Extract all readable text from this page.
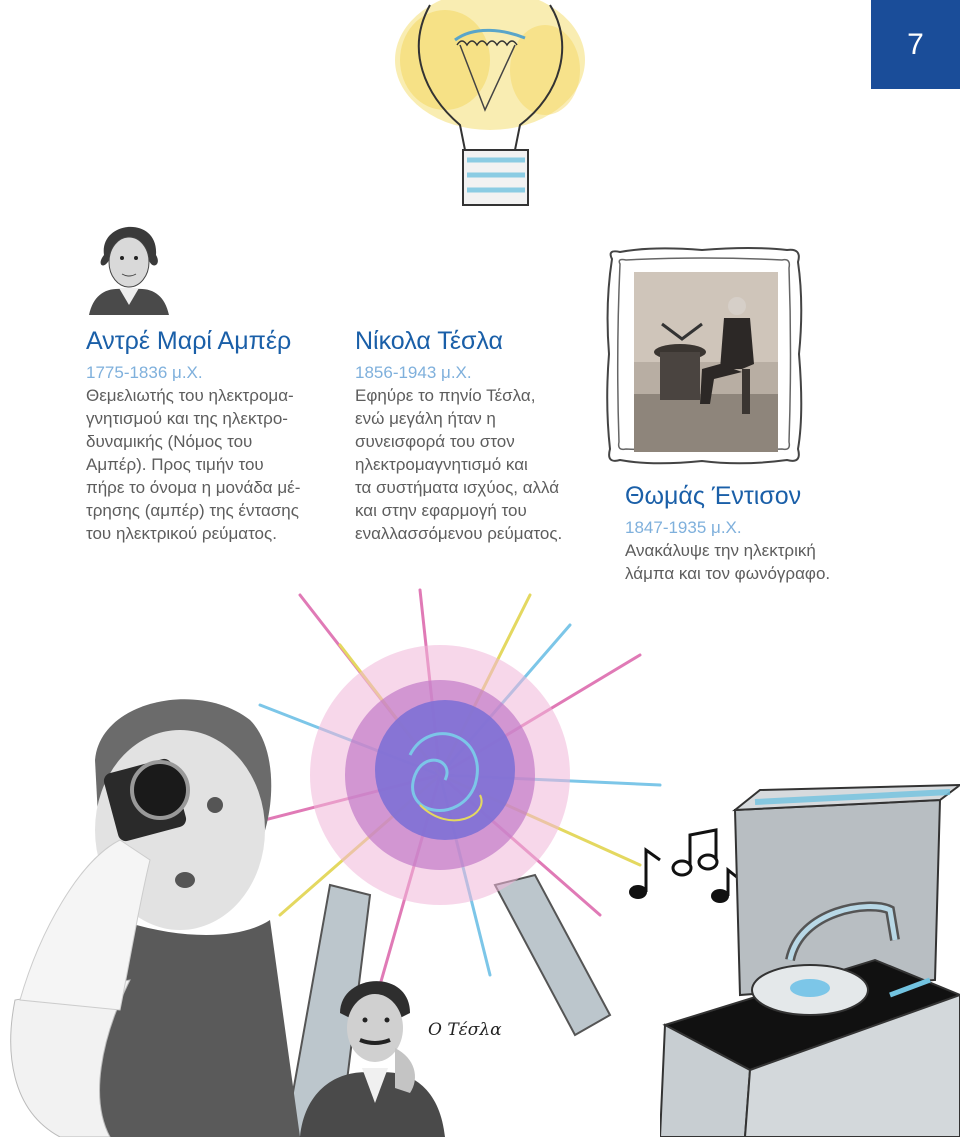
7

Αντρέ Μαρί Αμπέρ

1775-1836 μ.Χ.

Θεμελιωτής του ηλεκτρομα-

γνητισμού και της ηλεκτρο-

δυναμικής (Νόμος του

Αμπέρ). Προς τιμήν του

πήρε το όνομα η μονάδα μέ-

τρησης (αμπέρ) της έντασης

του ηλεκτρικού ρεύματος.

Νίκολα Τέσλα

1856-1943 μ.Χ.

Εφηύρε το πηνίο Τέσλα,

ενώ μεγάλη ήταν η

συνεισφορά του στον

ηλεκτρομαγνητισμό και

τα συστήματα ισχύος, αλλά

και στην εφαρμογή του

εναλλασσόμενου ρεύματος.

Θωμάς Έντισον

1847-1935 μ.Χ.

Ανακάλυψε την ηλεκτρική

λάμπα και τον φωνόγραφο.

Ο Τέσλα
